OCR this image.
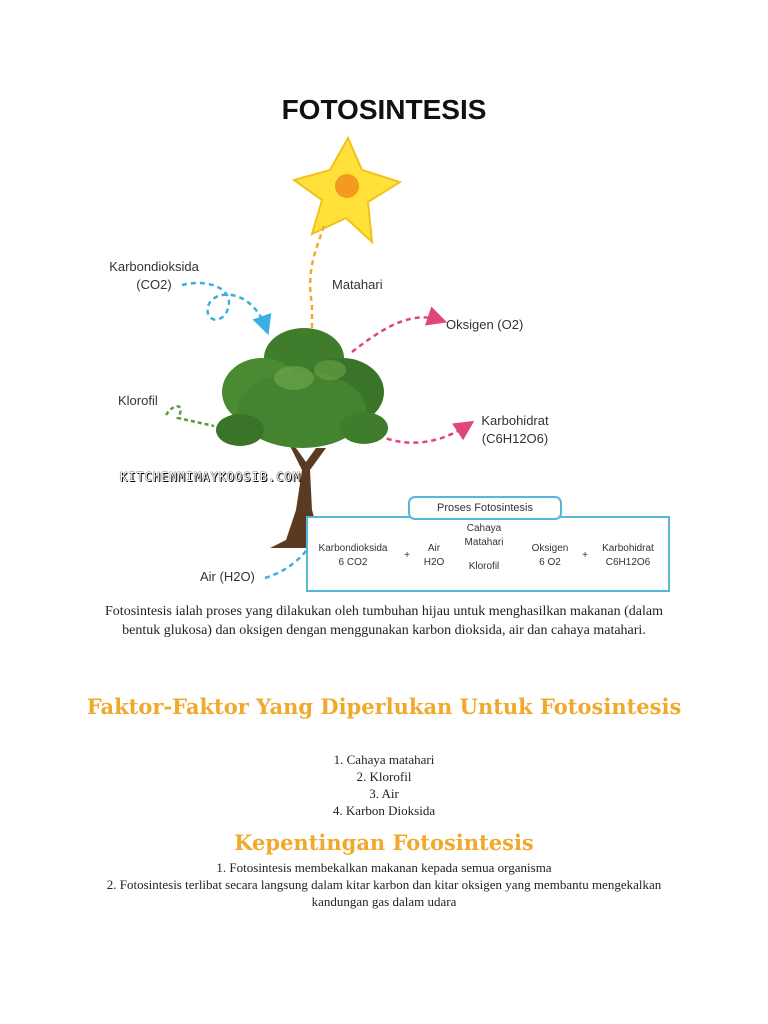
FOTOSINTESIS
Karbondioksida
(CO2)	Matahari
Oksigen (O2)
Klorofil
Karbohidrat
(C6H12O6)
Air (H2O)
KITCHENMIMAYKOOSIB.COM
Proses Fotosintesis
Karbondioksida
6 CO2
+
Air
H2O
Cahaya Matahari
Klorofil
Oksigen
6 O2
+
Karbohidrat
C6H12O6
Fotosintesis ialah proses yang dilakukan oleh tumbuhan hijau untuk menghasilkan makanan (dalam bentuk glukosa) dan oksigen dengan menggunakan karbon dioksida, air dan cahaya matahari.
Faktor-Faktor Yang Diperlukan Untuk Fotosintesis
1. Cahaya matahari
2. Klorofil
3. Air
4. Karbon Dioksida
Kepentingan Fotosintesis
1. Fotosintesis membekalkan makanan kepada semua organisma
2. Fotosintesis terlibat secara langsung dalam kitar karbon dan kitar oksigen yang membantu mengekalkan kandungan gas dalam udara
